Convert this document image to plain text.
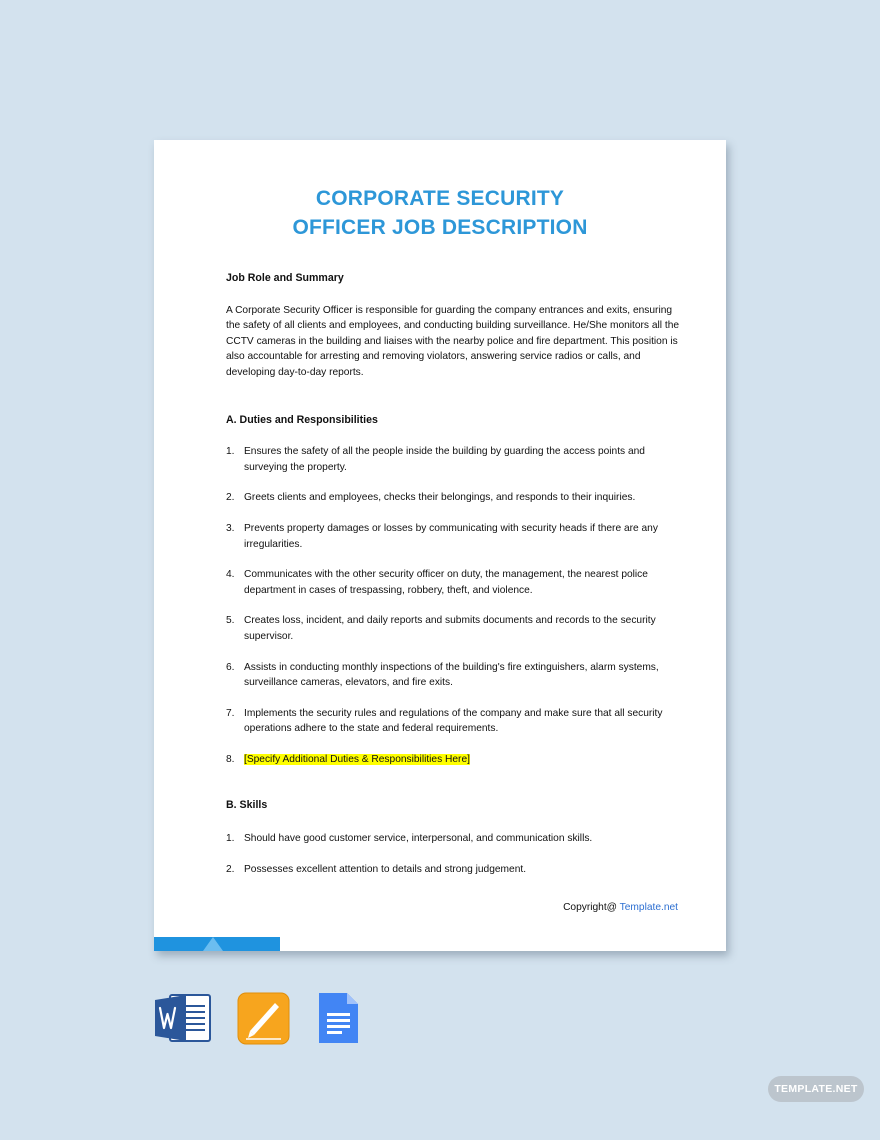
CORPORATE SECURITY
OFFICER JOB DESCRIPTION

Job Role and Summary

A Corporate Security Officer is responsible for guarding the company entrances and exits, ensuring the safety of all clients and employees, and conducting building surveillance. He/She monitors all the CCTV cameras in the building and liaises with the nearby police and fire department. This position is also accountable for arresting and removing violators, answering service radios or calls, and developing day-to-day reports.

A. Duties and Responsibilities

1. Ensures the safety of all the people inside the building by guarding the access points and surveying the property.
2. Greets clients and employees, checks their belongings, and responds to their inquiries.
3. Prevents property damages or losses by communicating with security heads if there are any irregularities.
4. Communicates with the other security officer on duty, the management, the nearest police department in cases of trespassing, robbery, theft, and violence.
5. Creates loss, incident, and daily reports and submits documents and records to the security supervisor.
6. Assists in conducting monthly inspections of the building's fire extinguishers, alarm systems, surveillance cameras, elevators, and fire exits.
7. Implements the security rules and regulations of the company and make sure that all security operations adhere to the state and federal requirements.
8. [Specify Additional Duties & Responsibilities Here]

B. Skills

1. Should have good customer service, interpersonal, and communication skills.
2. Possesses excellent attention to details and strong judgement.
Copyright@ Template.net
TEMPLATE.NET
